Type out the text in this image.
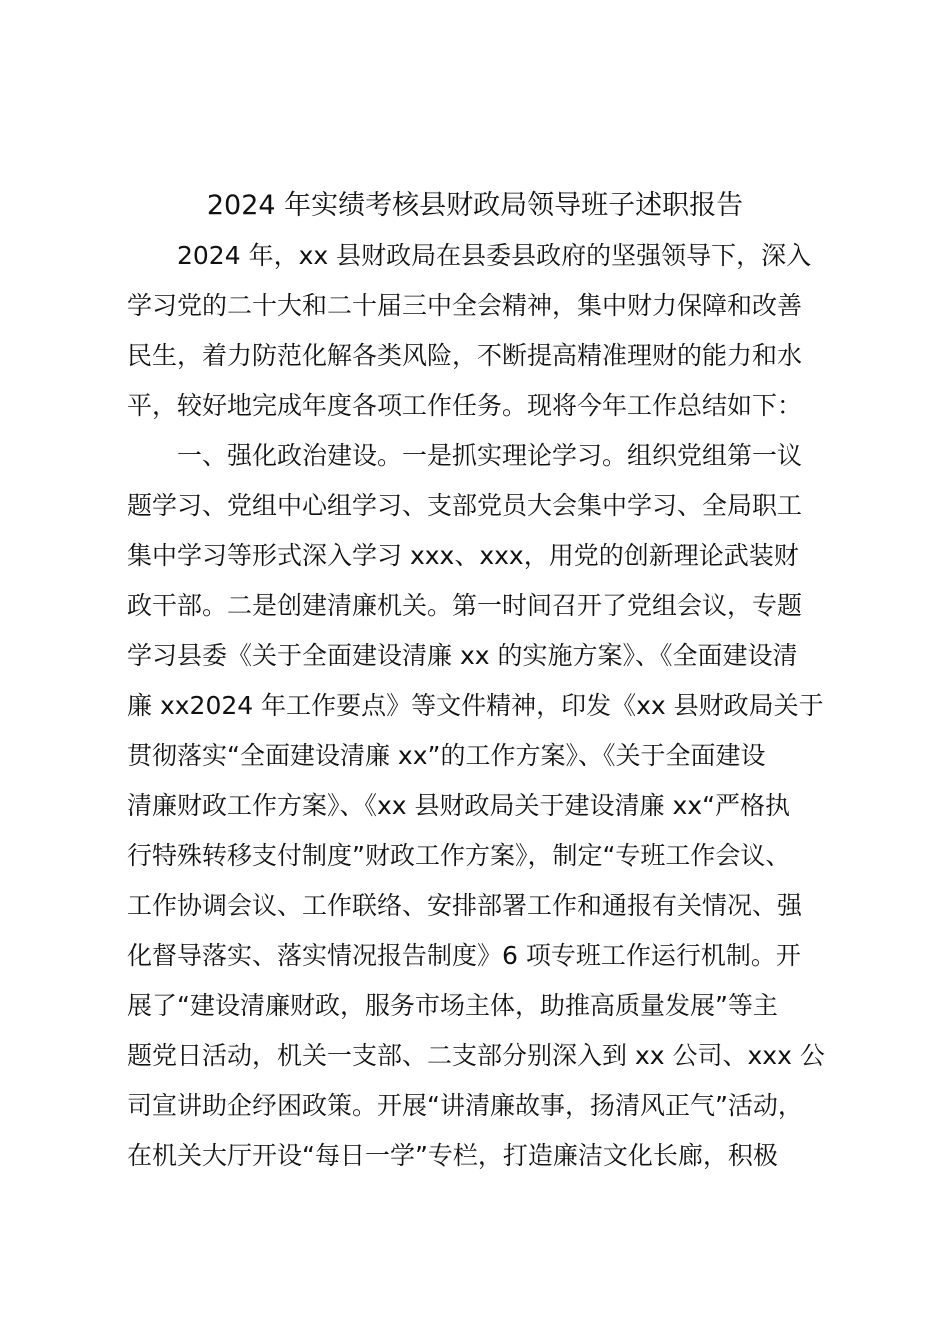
2024 年实绩考核县财政局领导班子述职报告
2024 年，xx 县财政局在县委县政府的坚强领导下，深入
学习党的二十大和二十届三中全会精神，集中财力保障和改善
民生，着力防范化解各类风险，不断提高精准理财的能力和水
平，较好地完成年度各项工作任务。现将今年工作总结如下：
一、强化政治建设。一是抓实理论学习。组织党组第一议
题学习、党组中心组学习、支部党员大会集中学习、全局职工
集中学习等形式深入学习 xxx、xxx，用党的创新理论武装财
政干部。二是创建清廉机关。第一时间召开了党组会议，专题
学习县委《关于全面建设清廉 xx 的实施方案》、《全面建设清
廉 xx2024 年工作要点》等文件精神，印发《xx 县财政局关于
贯彻落实“全面建设清廉 xx”的工作方案》、《关于全面建设
清廉财政工作方案》、《xx 县财政局关于建设清廉 xx“严格执
行特殊转移支付制度”财政工作方案》，制定“专班工作会议、
工作协调会议、工作联络、安排部署工作和通报有关情况、强
化督导落实、落实情况报告制度》6 项专班工作运行机制。开
展了“建设清廉财政，服务市场主体，助推高质量发展”等主
题党日活动，机关一支部、二支部分别深入到 xx 公司、xxx 公
司宣讲助企纾困政策。开展“讲清廉故事，扬清风正气”活动，
在机关大厅开设“每日一学”专栏，打造廉洁文化长廊，积极
